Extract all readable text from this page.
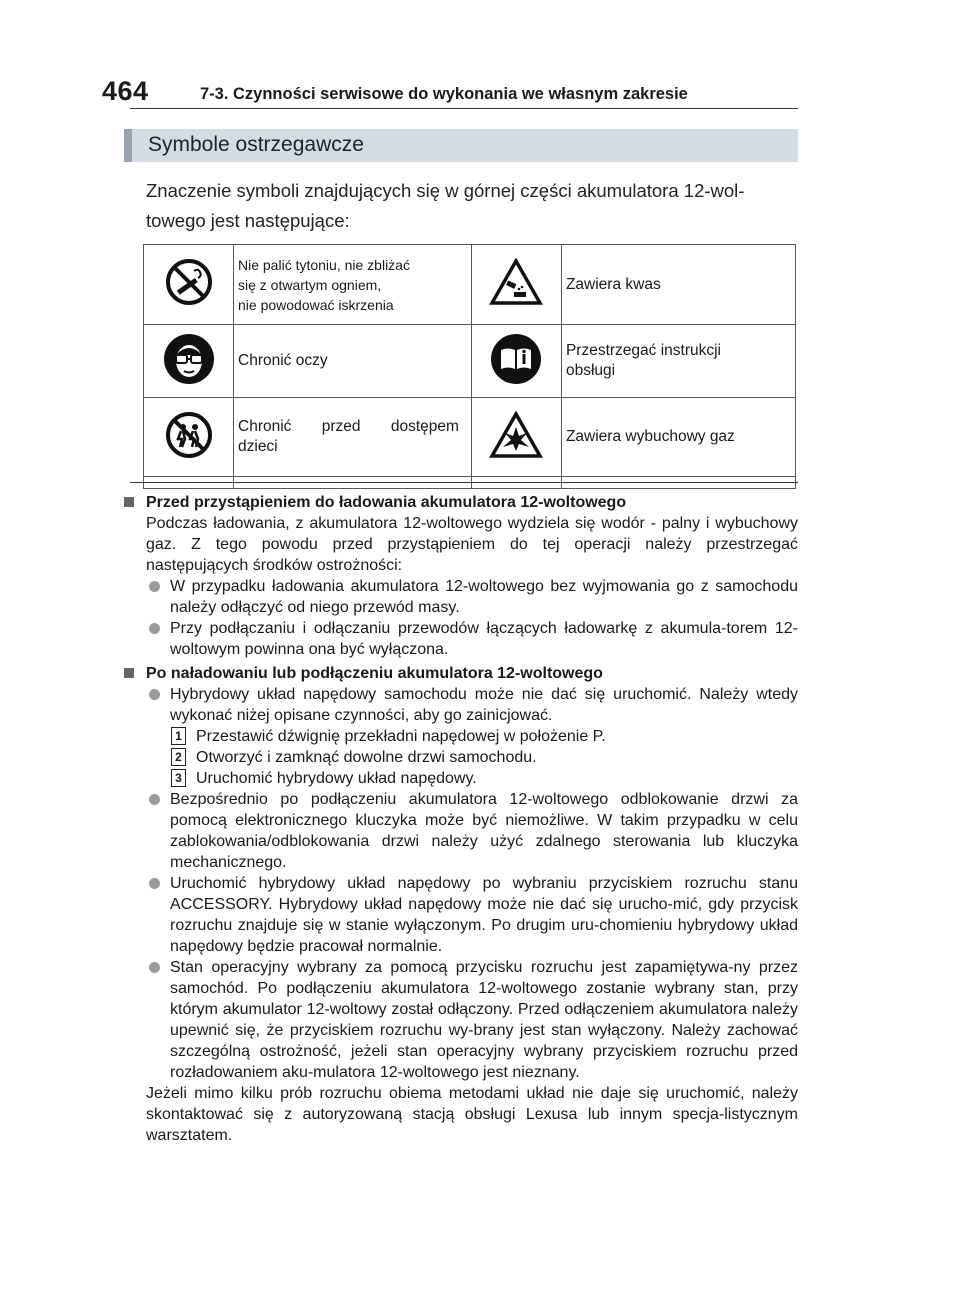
464	7-3. Czynności serwisowe do wykonania we własnym zakresie
Symbole ostrzegawcze
Znaczenie symboli znajdujących się w górnej części akumulatora 12-wol-
towego jest następujące:

Nie palić tytoniu, nie zbliżać
się z otwartym ogniem,
nie powodować iskrzenia		Zawiera kwas
	Chronić oczy		Przestrzegać instrukcji
obsługi

Chronić przed dostępem
dzieci		Zawiera wybuchowy gaz

Przed przystąpieniem do ładowania akumulatora 12-woltowego

Podczas ładowania, z akumulatora 12-woltowego wydziela się wodór - palny i wybuchowy gaz. Z tego powodu przed przystąpieniem do tej operacji należy przestrzegać następujących środków ostrożności:

W przypadku ładowania akumulatora 12-woltowego bez wyjmowania go z samochodu należy odłączyć od niego przewód masy.

Przy podłączaniu i odłączaniu przewodów łączących ładowarkę z akumula-torem 12-woltowym powinna ona być wyłączona.

Po naładowaniu lub podłączeniu akumulatora 12-woltowego

Hybrydowy układ napędowy samochodu może nie dać się uruchomić. Należy wtedy wykonać niżej opisane czynności, aby go zainicjować.

1 Przestawić dźwignię przekładni napędowej w położenie P.

2 Otworzyć i zamknąć dowolne drzwi samochodu.

3 Uruchomić hybrydowy układ napędowy.

Bezpośrednio po podłączeniu akumulatora 12-woltowego odblokowanie drzwi za pomocą elektronicznego kluczyka może być niemożliwe. W takim przypadku w celu zablokowania/odblokowania drzwi należy użyć zdalnego sterowania lub kluczyka mechanicznego.

Uruchomić hybrydowy układ napędowy po wybraniu przyciskiem rozruchu stanu ACCESSORY. Hybrydowy układ napędowy może nie dać się urucho-mić, gdy przycisk rozruchu znajduje się w stanie wyłączonym. Po drugim uru-chomieniu hybrydowy układ napędowy będzie pracował normalnie.

Stan operacyjny wybrany za pomocą przycisku rozruchu jest zapamiętywa-ny przez samochód. Po podłączeniu akumulatora 12-woltowego zostanie wybrany stan, przy którym akumulator 12-woltowy został odłączony. Przed odłączeniem akumulatora należy upewnić się, że przyciskiem rozruchu wy-brany jest stan wyłączony. Należy zachować szczególną ostrożność, jeżeli stan operacyjny wybrany przyciskiem rozruchu przed rozładowaniem aku-mulatora 12-woltowego jest nieznany.

Jeżeli mimo kilku prób rozruchu obiema metodami układ nie daje się uruchomić, należy skontaktować się z autoryzowaną stacją obsługi Lexusa lub innym specja-listycznym warsztatem.
